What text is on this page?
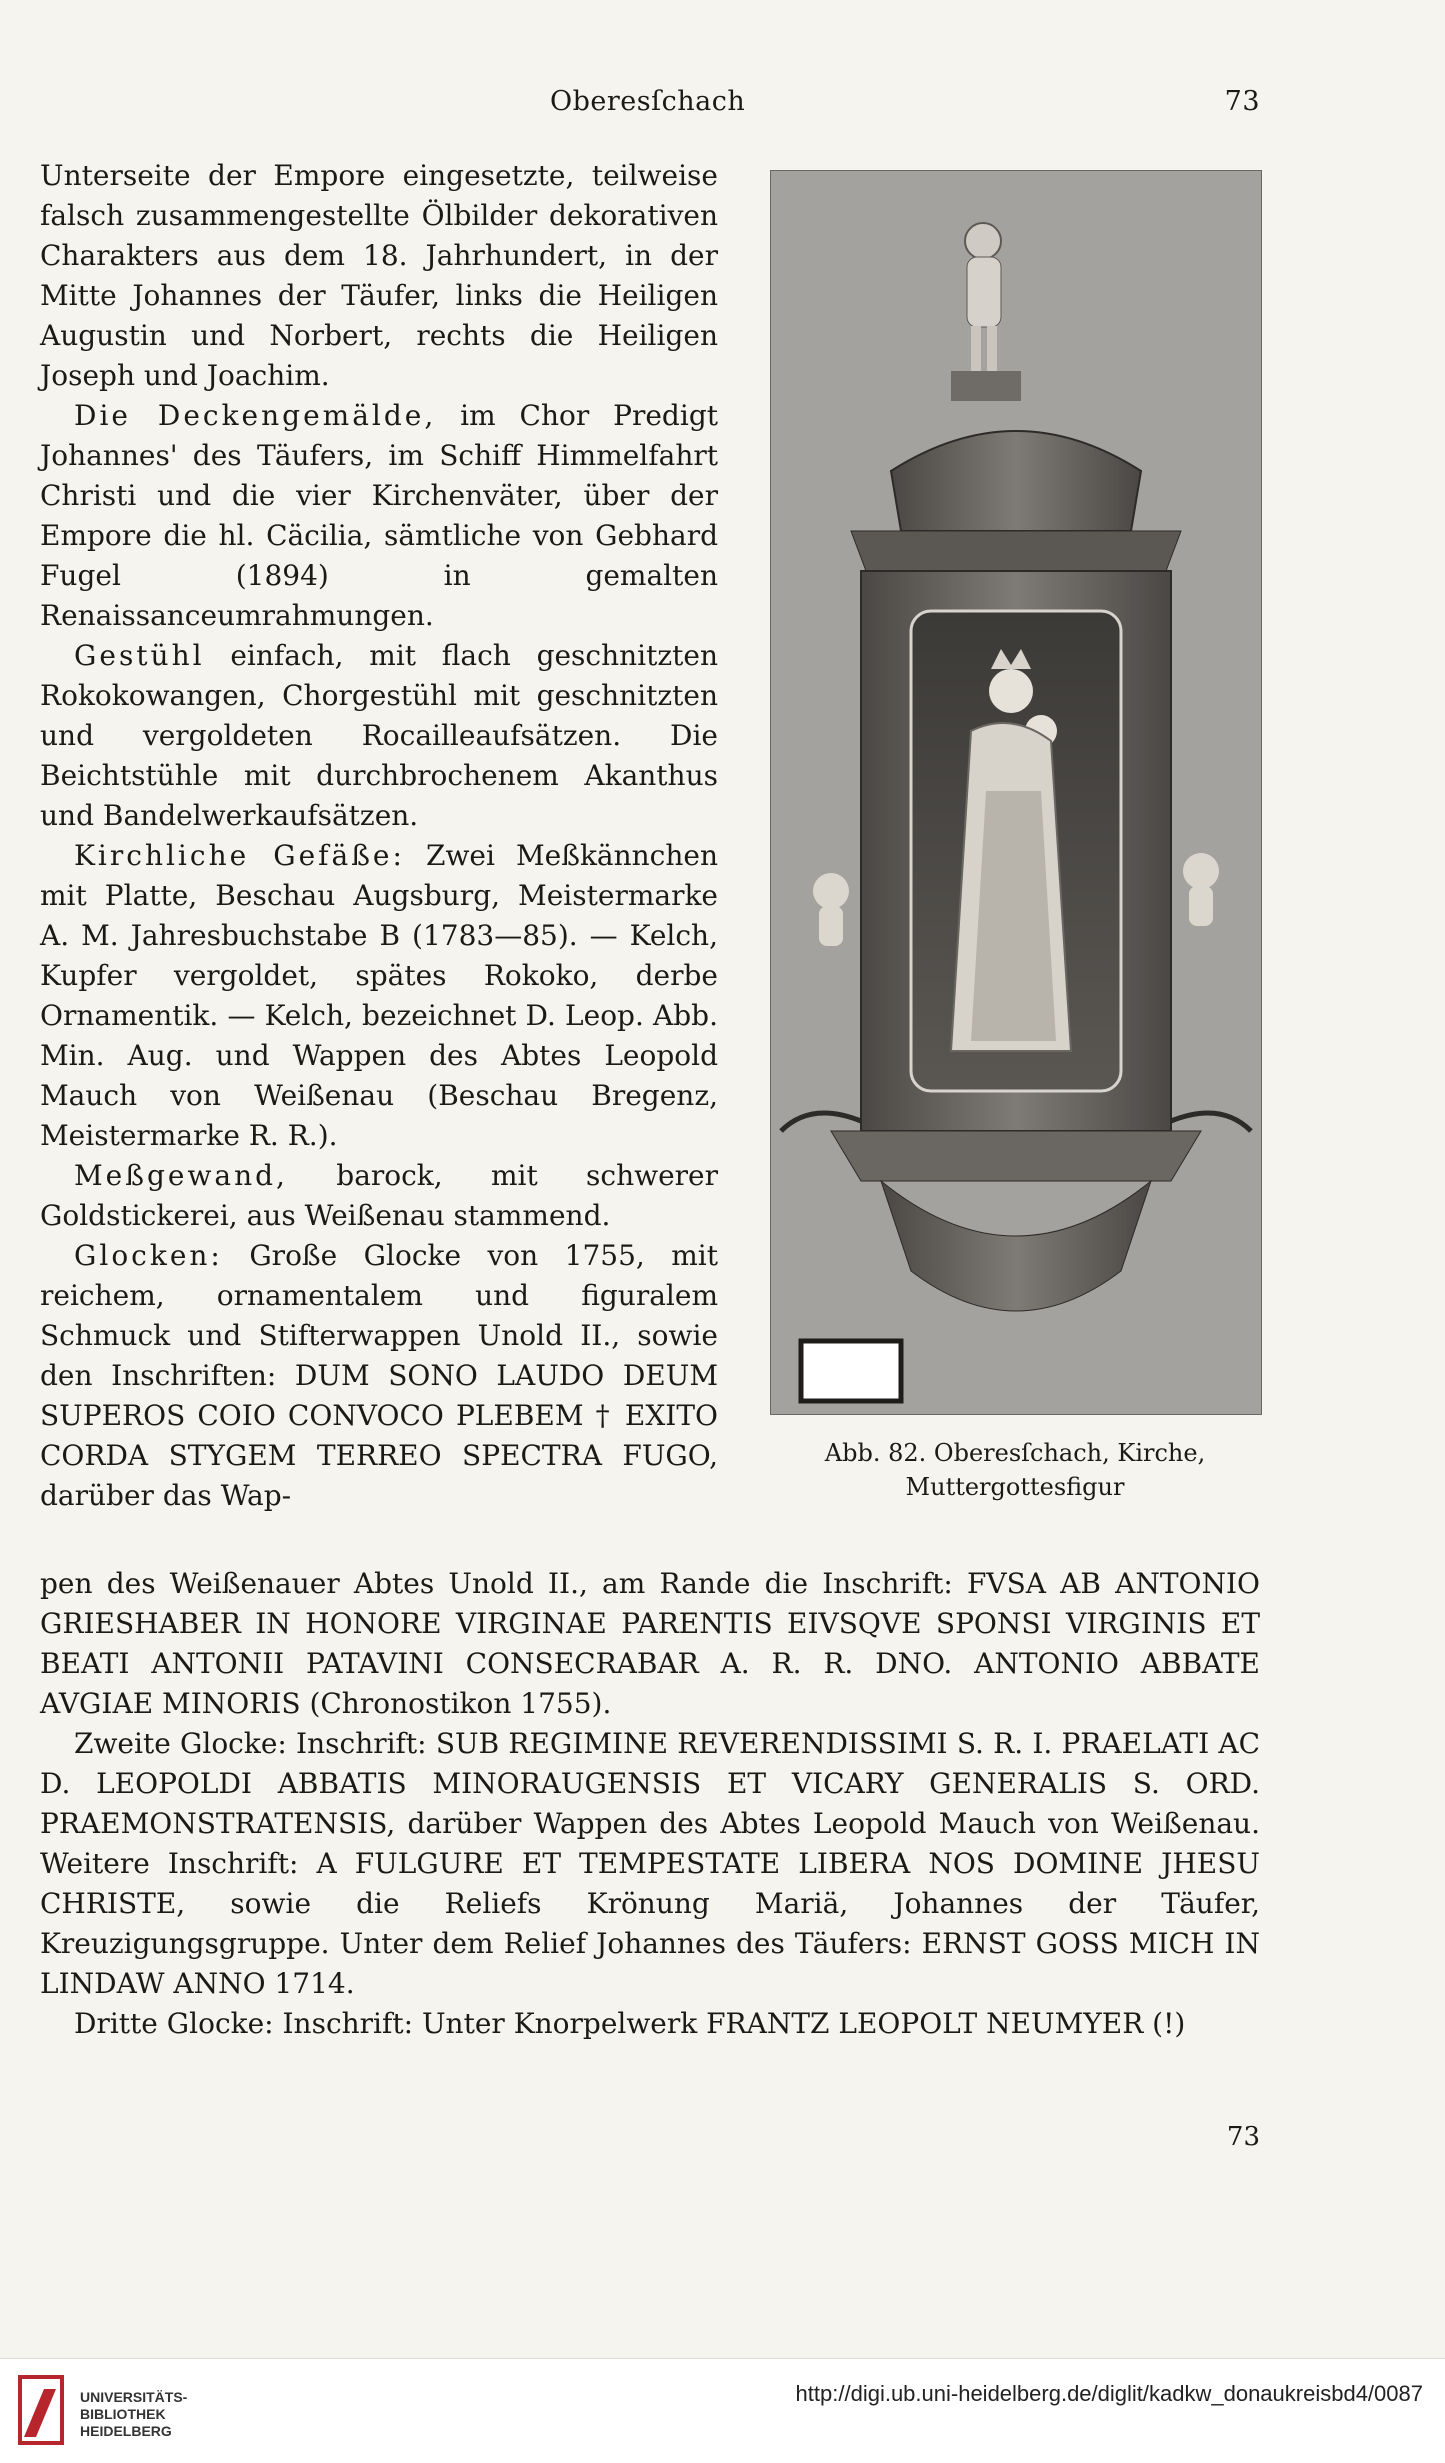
Oberesſchach	73

Unterseite der Empore eingesetzte, teilweise falsch zusammengestellte Ölbilder dekorativen Charakters aus dem 18. Jahrhundert, in der Mitte Johannes der Täufer, links die Heiligen Augustin und Norbert, rechts die Heiligen Joseph und Joachim.

Die Deckengemälde, im Chor Predigt Johannes' des Täufers, im Schiff Himmelfahrt Christi und die vier Kirchenväter, über der Empore die hl. Cäcilia, sämtliche von Gebhard Fugel (1894) in gemalten Renaissanceumrahmungen.

Gestühl einfach, mit flach geschnitzten Rokokowangen, Chorgestühl mit geschnitzten und vergoldeten Rocailleaufsätzen. Die Beichtstühle mit durchbrochenem Akanthus und Bandelwerkaufsätzen.

Kirchliche Gefäße: Zwei Meßkännchen mit Platte, Beschau Augsburg, Meistermarke A. M. Jahresbuchstabe B (1783—85). — Kelch, Kupfer vergoldet, spätes Rokoko, derbe Ornamentik. — Kelch, bezeichnet D. Leop. Abb. Min. Aug. und Wappen des Abtes Leopold Mauch von Weißenau (Beschau Bregenz, Meistermarke R. R.).

Meßgewand, barock, mit schwerer Goldstickerei, aus Weißenau stammend.

Glocken: Große Glocke von 1755, mit reichem, ornamentalem und figuralem Schmuck und Stifterwappen Unold II., sowie den Inschriften: DUM SONO LAUDO DEUM SUPEROS COIO CONVOCO PLEBEM † EXITO CORDA STYGEM TERREO SPECTRA FUGO, darüber das Wap-

Abb. 82. Oberesſchach, Kirche, Muttergottesfigur

pen des Weißenauer Abtes Unold II., am Rande die Inschrift: FVSA AB ANTONIO GRIESHABER IN HONORE VIRGINAE PARENTIS EIVSQVE SPONSI VIRGINIS ET BEATI ANTONII PATAVINI CONSECRABAR A. R. R. DNO. ANTONIO ABBATE AVGIAE MINORIS (Chronostikon 1755).

Zweite Glocke: Inschrift: SUB REGIMINE REVERENDISSIMI S. R. I. PRAELATI AC D. LEOPOLDI ABBATIS MINORAUGENSIS ET VICARY GENERALIS S. ORD. PRAEMONSTRATENSIS, darüber Wappen des Abtes Leopold Mauch von Weißenau. Weitere Inschrift: A FULGURE ET TEMPESTATE LIBERA NOS DOMINE JHESU CHRISTE, sowie die Reliefs Krönung Mariä, Johannes der Täufer, Kreuzigungsgruppe. Unter dem Relief Johannes des Täufers: ERNST GOSS MICH IN LINDAW ANNO 1714.

Dritte Glocke: Inschrift: Unter Knorpelwerk FRANTZ LEOPOLT NEUMYER (!)

73
UNIVERSITÄTS-
BIBLIOTHEK
HEIDELBERG
http://digi.ub.uni-heidelberg.de/diglit/kadkw_donaukreisbd4/0087
